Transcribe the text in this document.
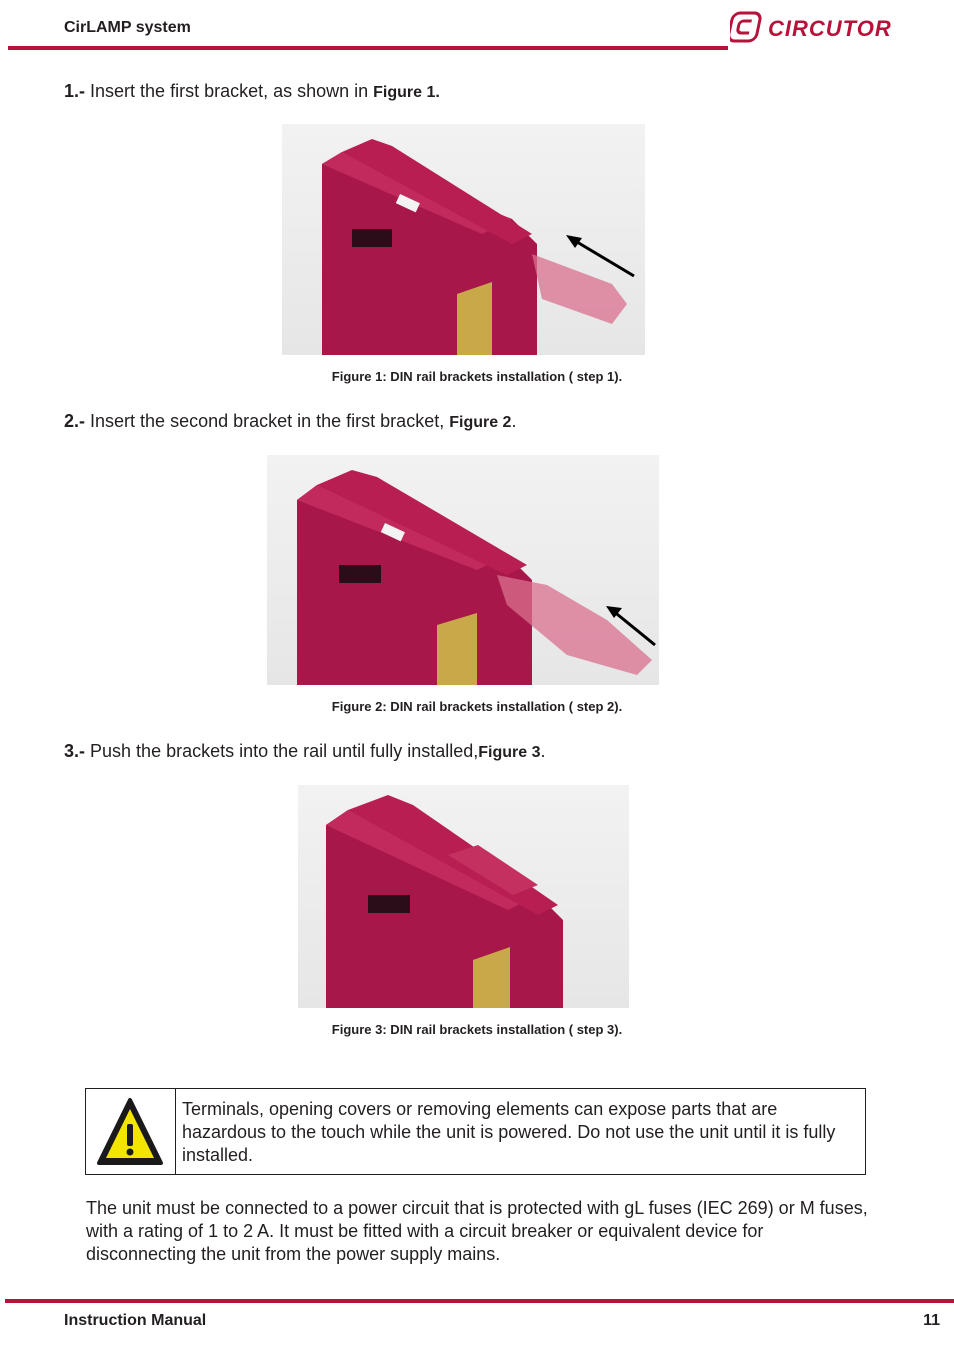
CirLAMP system	CIRCUTOR
1.- Insert the first bracket, as shown in Figure 1.
Figure 1: DIN rail brackets installation ( step 1).
2.- Insert the second bracket in the first bracket, Figure 2.
Figure 2: DIN rail brackets installation ( step 2).
3.- Push the brackets into the rail until fully installed,Figure 3.
Figure 3: DIN rail brackets installation ( step 3).
Terminals, opening covers or removing elements can expose parts that are hazardous to the touch while the unit is powered. Do not use the unit until it is fully installed.
The unit must be connected to a power circuit that is protected with gL fuses (IEC 269) or M fuses, with a rating of 1 to 2 A. It must be fitted with a circuit breaker or equivalent device for disconnecting the unit from the power supply mains.
Instruction Manual	11
